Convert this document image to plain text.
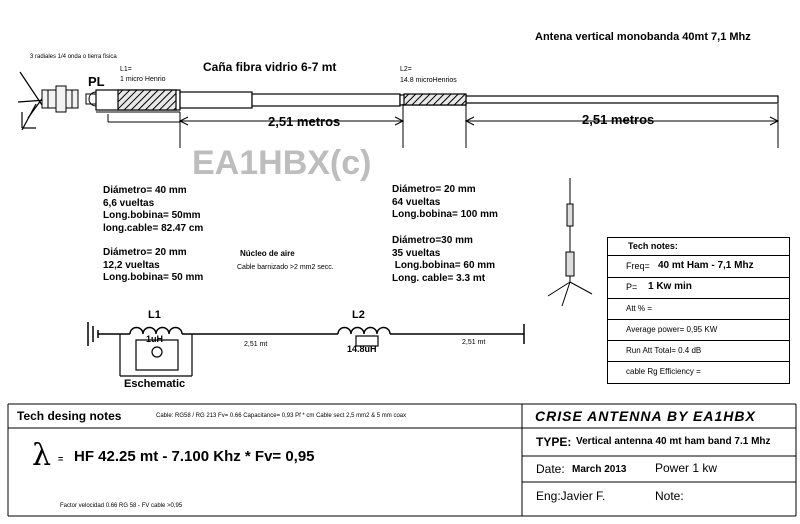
Antena vertical monobanda 40mt 7,1 Mhz
3 radiales 1/4 onda o tierra fisica
PL
L1=
1 micro Henrio
Caña fibra vidrio 6-7 mt	L2=
14.8 microHenrios
2,51 metros	2,51 metros
EA1HBX(c)
Diámetro= 40 mm
6,6 vueltas
Long.bobina= 50mm
long.cable= 82.47 cm
Diámetro= 20 mm
12,2 vueltas
Long.bobina= 50 mm
Núcleo de aire
Cable barnizado >2 mm2 secc.
Diámetro= 20 mm
64 vueltas
Long.bobina= 100 mm
Diámetro=30 mm
35 vueltas
Long.bobina= 60 mm
Long. cable= 3.3 mt
L1
1uH
2,51 mt
L2
14.8uH
2,51 mt
Eschematic
Tech notes:
Freq= 40 mt Ham - 7,1 Mhz
P= 1 Kw min
Att % =
Average power= 0,95 KW
Run Att Total= 0.4 dB
cable Rg Efficiency =
Tech desing notes	Cable: RG58 / RG 213 Fv= 0.66 Capacitance= 0,93 Pf * cm Cable sect 2,5 mm2 & 5 mm coax
λ = HF 42.25 mt - 7.100 Khz * Fv= 0,95
Factor velocidad 0.66 RG 58 - FV cable >0,95
CRISE ANTENNA BY EA1HBX
TYPE: Vertical antenna 40 mt ham band 7.1 Mhz
Date: March 2013 Power 1 kw
Eng:Javier F.	Note:
